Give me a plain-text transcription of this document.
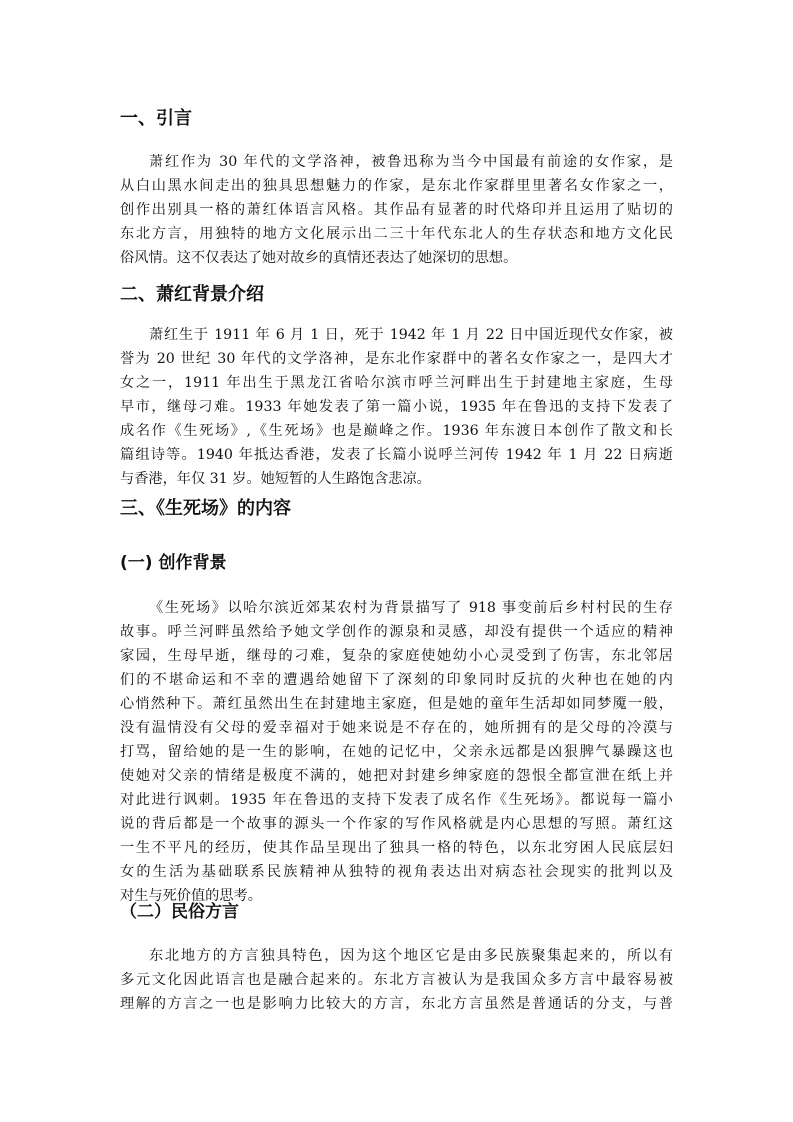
一、引言
萧红作为 30 年代的文学洛神，被鲁迅称为当今中国最有前途的女作家，是
从白山黑水间走出的独具思想魅力的作家，是东北作家群里里著名女作家之一，
创作出别具一格的萧红体语言风格。其作品有显著的时代烙印并且运用了贴切的
东北方言，用独特的地方文化展示出二三十年代东北人的生存状态和地方文化民
俗风情。这不仅表达了她对故乡的真情还表达了她深切的思想。
二、萧红背景介绍
萧红生于 1911 年 6 月 1 日，死于 1942 年 1 月 22 日中国近现代女作家，被
誉为 20 世纪 30 年代的文学洛神，是东北作家群中的著名女作家之一，是四大才
女之一，1911 年出生于黑龙江省哈尔滨市呼兰河畔出生于封建地主家庭，生母
早市，继母刁难。1933 年她发表了第一篇小说，1935 年在鲁迅的支持下发表了
成名作《生死场》,《生死场》也是巅峰之作。1936 年东渡日本创作了散文和长
篇组诗等。1940 年抵达香港，发表了长篇小说呼兰河传 1942 年 1 月 22 日病逝
与香港，年仅 31 岁。她短暂的人生路饱含悲凉。
三、《生死场》的内容
(一) 创作背景
《生死场》以哈尔滨近郊某农村为背景描写了 918 事变前后乡村村民的生存
故事。呼兰河畔虽然给予她文学创作的源泉和灵感，却没有提供一个适应的精神
家园，生母早逝，继母的刁难，复杂的家庭使她幼小心灵受到了伤害，东北邻居
们的不堪命运和不幸的遭遇给她留下了深刻的印象同时反抗的火种也在她的内
心悄然种下。萧红虽然出生在封建地主家庭，但是她的童年生活却如同梦魇一般，
没有温情没有父母的爱幸福对于她来说是不存在的，她所拥有的是父母的冷漠与
打骂，留给她的是一生的影响，在她的记忆中，父亲永远都是凶狠脾气暴躁这也
使她对父亲的情绪是极度不满的，她把对封建乡绅家庭的怨恨全都宣泄在纸上并
对此进行讽刺。1935 年在鲁迅的支持下发表了成名作《生死场》。都说每一篇小
说的背后都是一个故事的源头一个作家的写作风格就是内心思想的写照。萧红这
一生不平凡的经历，使其作品呈现出了独具一格的特色，以东北穷困人民底层妇
女的生活为基础联系民族精神从独特的视角表达出对病态社会现实的批判以及
对生与死价值的思考。
（二）民俗方言
东北地方的方言独具特色，因为这个地区它是由多民族聚集起来的，所以有
多元文化因此语言也是融合起来的。东北方言被认为是我国众多方言中最容易被
理解的方言之一也是影响力比较大的方言，东北方言虽然是普通话的分支，与普
